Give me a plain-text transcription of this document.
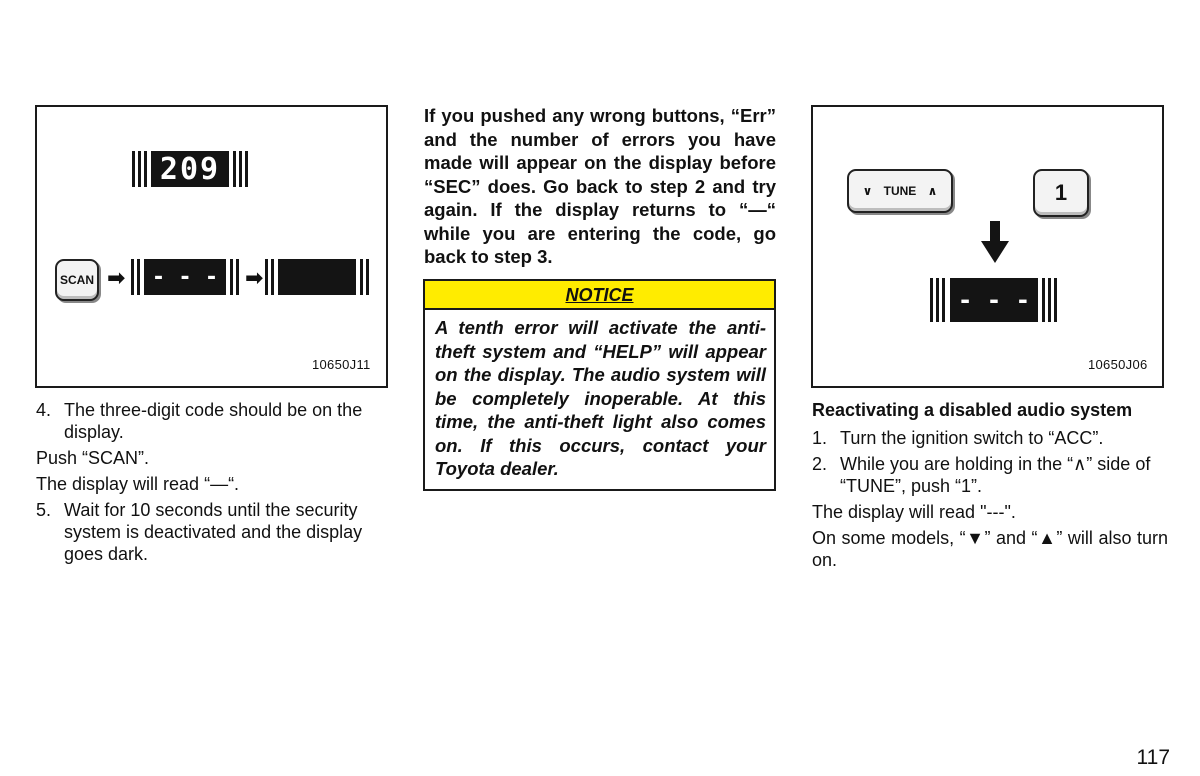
209
SCAN ➡	- - -	➡
10650J11
4. The three-digit code should be on the display.

Push “SCAN”.

The display will read “—“.

5. Wait for 10 seconds until the security system is deactivated and the display goes dark.
If you pushed any wrong buttons, “Err” and the number of errors you have made will appear on the display before “SEC” does. Go back to step 2 and try again. If the display returns to “—“ while you are entering the code, go back to step 3.
NOTICE
A tenth error will activate the anti-theft system and “HELP” will appear on the display. The audio system will be completely inoperable. At this time, the anti-theft light also comes on. If this occurs, contact your Toyota dealer.
∨ TUNE ∧	1
- - -
10650J06

Reactivating a disabled audio system

1. Turn the ignition switch to “ACC”.
2. While you are holding in the “∧” side of “TUNE”, push “1”.

The display will read "---".

On some models, “▼” and “▲” will also turn on.

117
